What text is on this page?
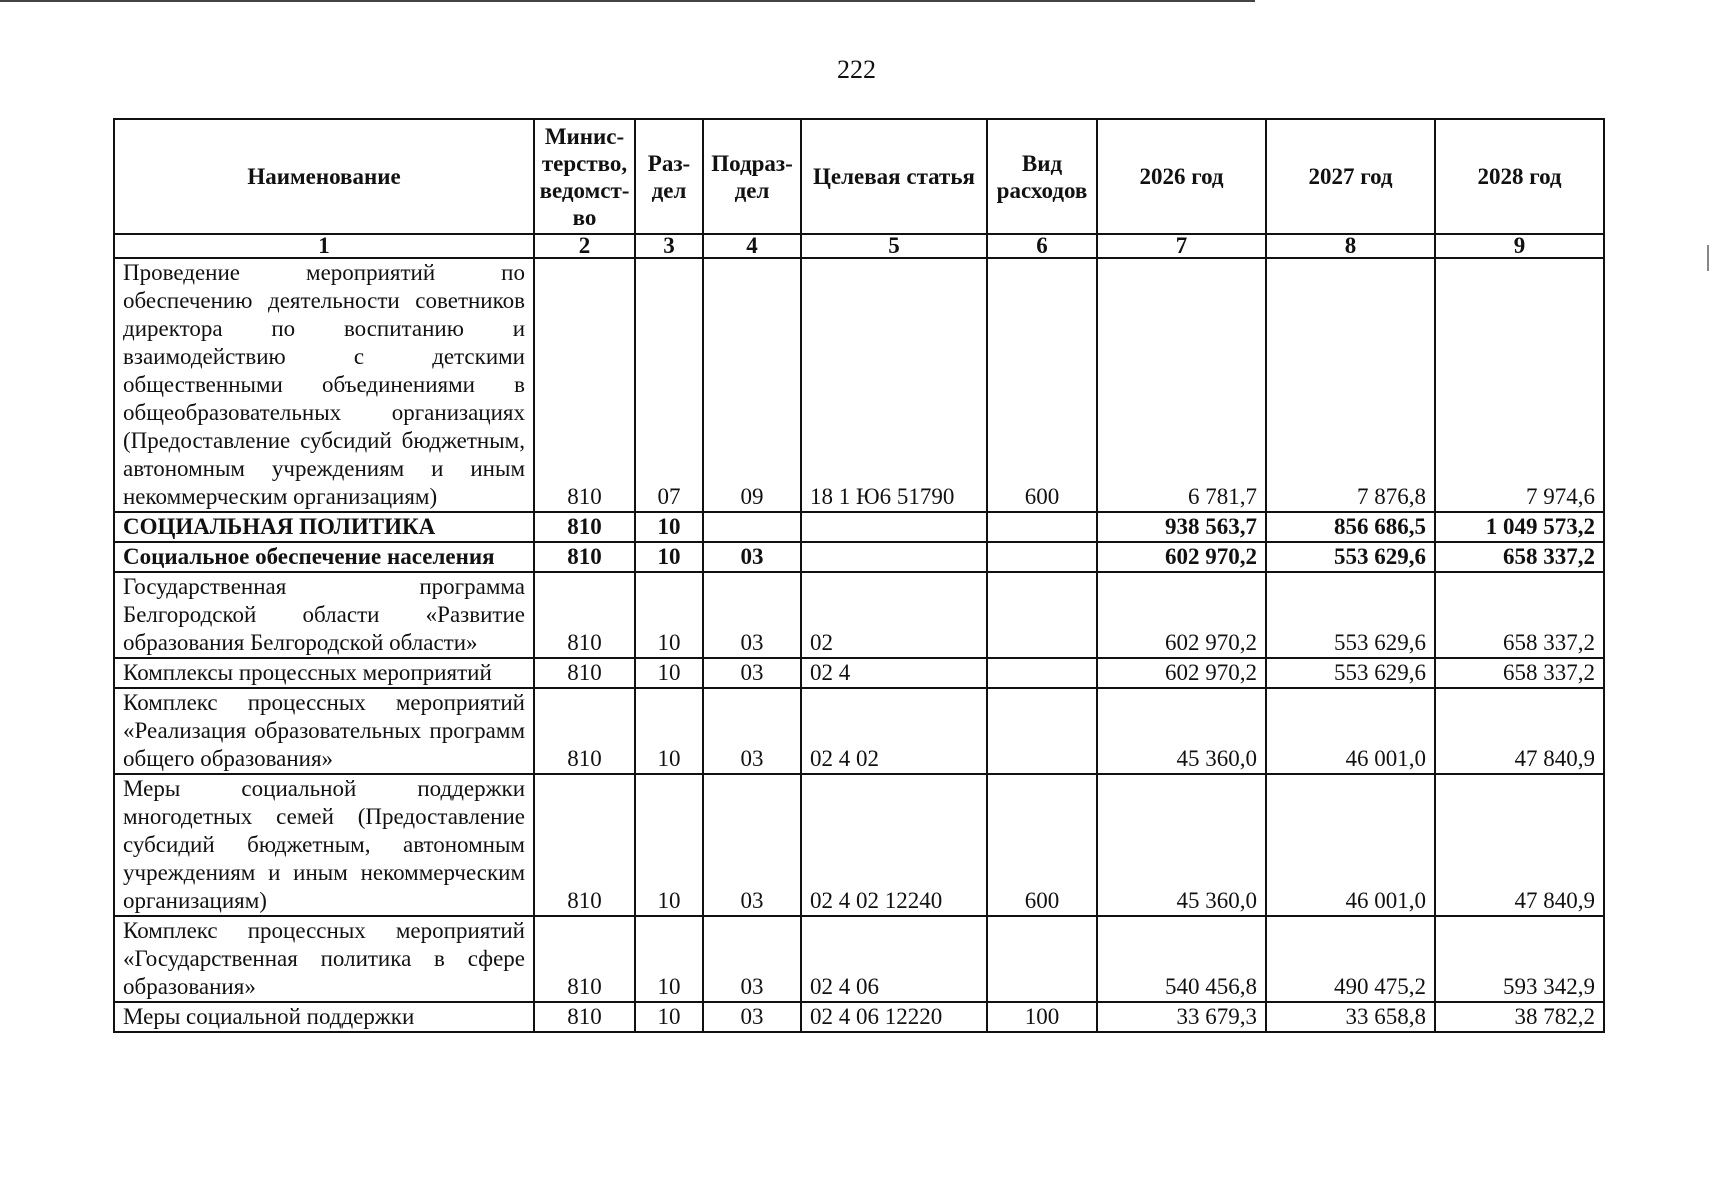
222
Наименование	Минис-терство, ведомст-во	Раз-дел	Подраз-дел	Целевая статья	Вид расходов	2026 год	2027 год	2028 год
1	2	3	4	5	6	7	8	9
Проведение мероприятий по обеспечению деятельности советников директора по воспитанию и взаимодействию с детскими общественными объединениями в общеобразовательных организациях (Предоставление субсидий бюджетным, автономным учреждениям и иным некоммерческим организациям)	810	07	09	18 1 Ю6 51790	600	6 781,7	7 876,8	7 974,6
СОЦИАЛЬНАЯ ПОЛИТИКА	810	10				938 563,7	856 686,5	1 049 573,2
Социальное обеспечение населения	810	10	03			602 970,2	553 629,6	658 337,2
Государственная программа Белгородской области «Развитие образования Белгородской области»	810	10	03	02		602 970,2	553 629,6	658 337,2
Комплексы процессных мероприятий	810	10	03	02 4		602 970,2	553 629,6	658 337,2
Комплекс процессных мероприятий «Реализация образовательных программ общего образования»	810	10	03	02 4 02		45 360,0	46 001,0	47 840,9
Меры социальной поддержки многодетных семей (Предоставление субсидий бюджетным, автономным учреждениям и иным некоммерческим организациям)	810	10	03	02 4 02 12240	600	45 360,0	46 001,0	47 840,9
Комплекс процессных мероприятий «Государственная политика в сфере образования»	810	10	03	02 4 06		540 456,8	490 475,2	593 342,9
Меры социальной поддержки	810	10	03	02 4 06 12220	100	33 679,3	33 658,8	38 782,2
